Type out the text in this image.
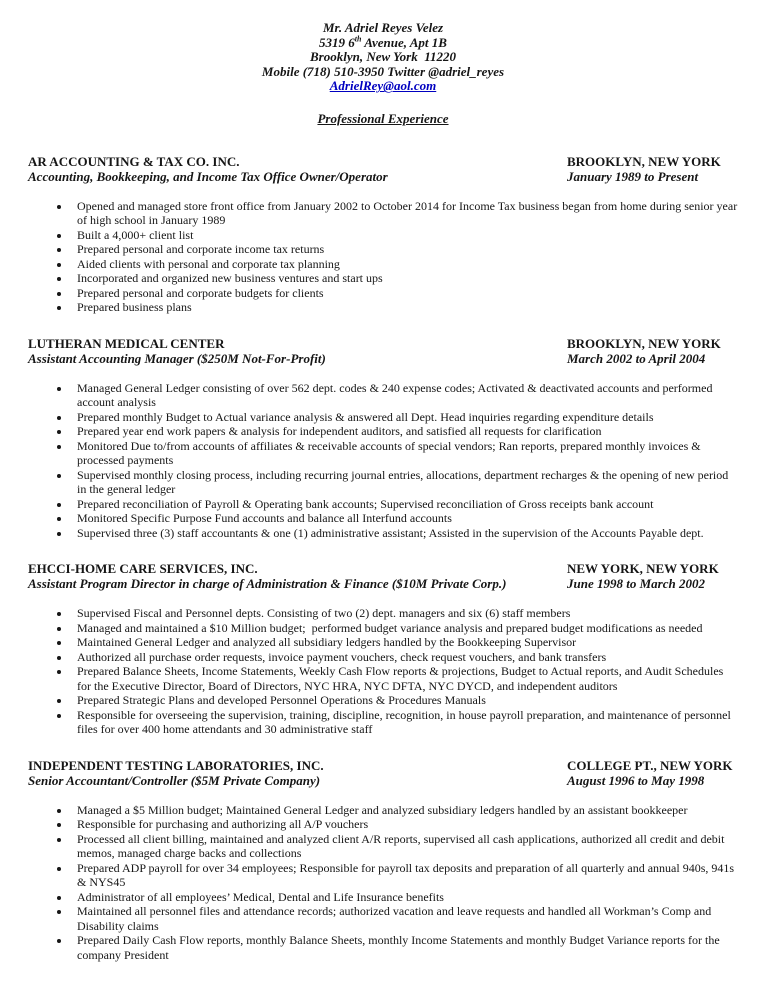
Mr. Adriel Reyes Velez
5319 6th Avenue, Apt 1B
Brooklyn, New York  11220
Mobile (718) 510-3950 Twitter @adriel_reyes
AdrielRey@aol.com
Professional Experience
AR ACCOUNTING & TAX CO. INC.	BROOKLYN, NEW YORK
Accounting, Bookkeeping, and Income Tax Office Owner/Operator	January 1989 to Present
• Opened and managed store front office from January 2002 to October 2014 for Income Tax business began from home during senior year of high school in January 1989
• Built a 4,000+ client list
• Prepared personal and corporate income tax returns
• Aided clients with personal and corporate tax planning
• Incorporated and organized new business ventures and start ups
• Prepared personal and corporate budgets for clients
• Prepared business plans
LUTHERAN MEDICAL CENTER	BROOKLYN, NEW YORK
Assistant Accounting Manager ($250M Not-For-Profit)	March 2002 to April 2004
• Managed General Ledger consisting of over 562 dept. codes & 240 expense codes; Activated & deactivated accounts and performed account analysis
• Prepared monthly Budget to Actual variance analysis & answered all Dept. Head inquiries regarding expenditure details
• Prepared year end work papers & analysis for independent auditors, and satisfied all requests for clarification
• Monitored Due to/from accounts of affiliates & receivable accounts of special vendors; Ran reports, prepared monthly invoices & processed payments
• Supervised monthly closing process, including recurring journal entries, allocations, department recharges & the opening of new period in the general ledger
• Prepared reconciliation of Payroll & Operating bank accounts; Supervised reconciliation of Gross receipts bank account
• Monitored Specific Purpose Fund accounts and balance all Interfund accounts
• Supervised three (3) staff accountants & one (1) administrative assistant; Assisted in the supervision of the Accounts Payable dept.
EHCCI-HOME CARE SERVICES, INC.	NEW YORK, NEW YORK
Assistant Program Director in charge of Administration & Finance ($10M Private Corp.)	June 1998 to March 2002
• Supervised Fiscal and Personnel depts. Consisting of two (2) dept. managers and six (6) staff members
• Managed and maintained a $10 Million budget;  performed budget variance analysis and prepared budget modifications as needed
• Maintained General Ledger and analyzed all subsidiary ledgers handled by the Bookkeeping Supervisor
• Authorized all purchase order requests, invoice payment vouchers, check request vouchers, and bank transfers
• Prepared Balance Sheets, Income Statements, Weekly Cash Flow reports & projections, Budget to Actual reports, and Audit Schedules for the Executive Director, Board of Directors, NYC HRA, NYC DFTA, NYC DYCD, and independent auditors
• Prepared Strategic Plans and developed Personnel Operations & Procedures Manuals
• Responsible for overseeing the supervision, training, discipline, recognition, in house payroll preparation, and maintenance of personnel files for over 400 home attendants and 30 administrative staff
INDEPENDENT TESTING LABORATORIES, INC.	COLLEGE PT., NEW YORK
Senior Accountant/Controller ($5M Private Company)	August 1996 to May 1998
• Managed a $5 Million budget; Maintained General Ledger and analyzed subsidiary ledgers handled by an assistant bookkeeper
• Responsible for purchasing and authorizing all A/P vouchers
• Processed all client billing, maintained and analyzed client A/R reports, supervised all cash applications, authorized all credit and debit memos, managed charge backs and collections
• Prepared ADP payroll for over 34 employees; Responsible for payroll tax deposits and preparation of all quarterly and annual 940s, 941s & NYS45
• Administrator of all employees’ Medical, Dental and Life Insurance benefits
• Maintained all personnel files and attendance records; authorized vacation and leave requests and handled all Workman’s Comp and Disability claims
• Prepared Daily Cash Flow reports, monthly Balance Sheets, monthly Income Statements and monthly Budget Variance reports for the company President
